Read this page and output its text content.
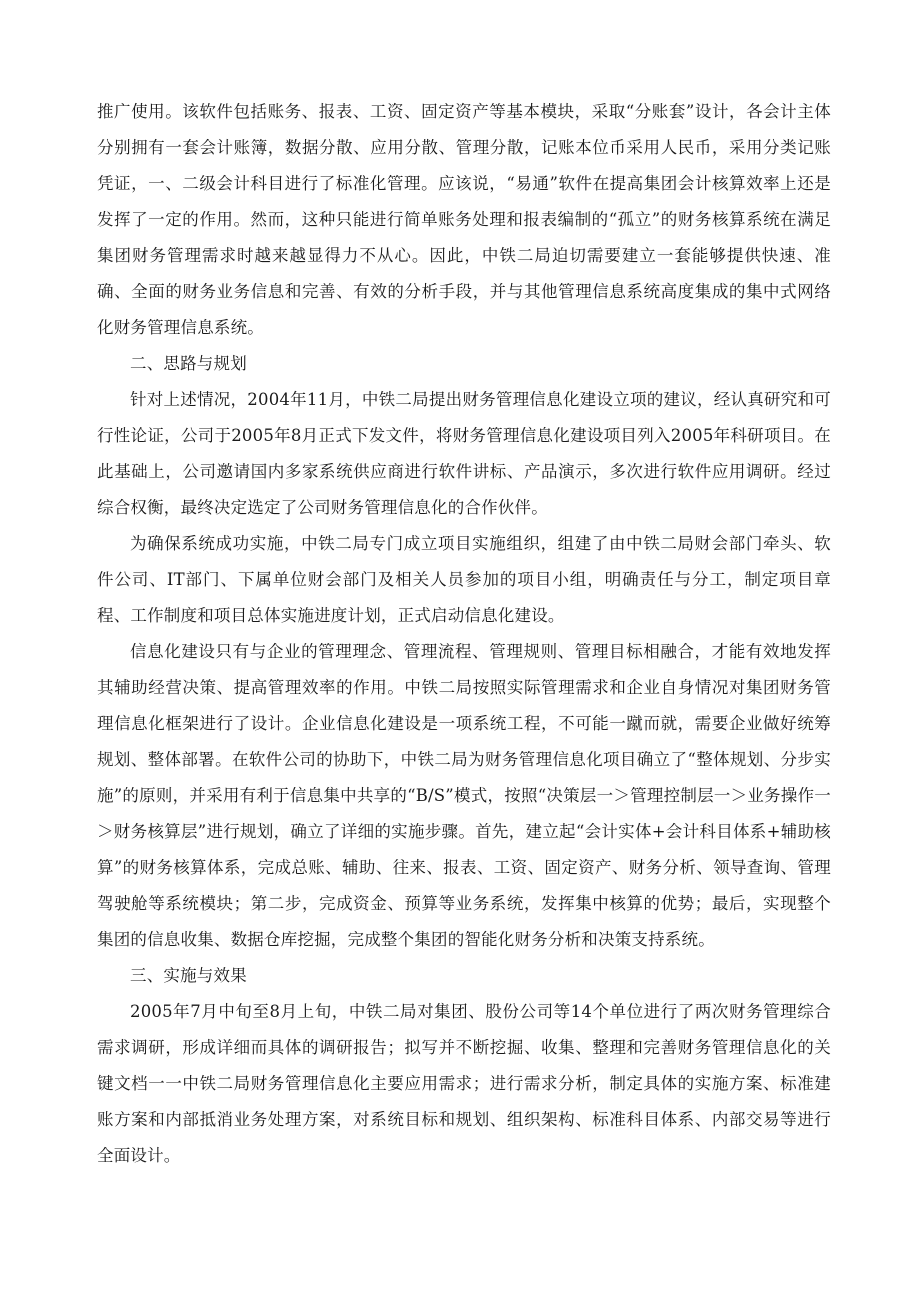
推广使用。该软件包括账务、报表、工资、固定资产等基本模块，采取“分账套”设计，各会计主体分别拥有一套会计账簿，数据分散、应用分散、管理分散，记账本位币采用人民币，采用分类记账凭证，一、二级会计科目进行了标准化管理。应该说，“易通”软件在提高集团会计核算效率上还是发挥了一定的作用。然而，这种只能进行简单账务处理和报表编制的“孤立”的财务核算系统在满足集团财务管理需求时越来越显得力不从心。因此，中铁二局迫切需要建立一套能够提供快速、准确、全面的财务业务信息和完善、有效的分析手段，并与其他管理信息系统高度集成的集中式网络化财务管理信息系统。

二、思路与规划

针对上述情况，2004年11月，中铁二局提出财务管理信息化建设立项的建议，经认真研究和可行性论证，公司于2005年8月正式下发文件，将财务管理信息化建设项目列入2005年科研项目。在此基础上，公司邀请国内多家系统供应商进行软件讲标、产品演示，多次进行软件应用调研。经过综合权衡，最终决定选定了公司财务管理信息化的合作伙伴。

为确保系统成功实施，中铁二局专门成立项目实施组织，组建了由中铁二局财会部门牵头、软件公司、IT部门、下属单位财会部门及相关人员参加的项目小组，明确责任与分工，制定项目章程、工作制度和项目总体实施进度计划，正式启动信息化建设。

信息化建设只有与企业的管理理念、管理流程、管理规则、管理目标相融合，才能有效地发挥其辅助经营决策、提高管理效率的作用。中铁二局按照实际管理需求和企业自身情况对集团财务管理信息化框架进行了设计。企业信息化建设是一项系统工程，不可能一蹴而就，需要企业做好统筹规划、整体部署。在软件公司的协助下，中铁二局为财务管理信息化项目确立了“整体规划、分步实施”的原则，并采用有利于信息集中共享的“B/S”模式，按照“决策层一＞管理控制层一＞业务操作一＞财务核算层”进行规划，确立了详细的实施步骤。首先，建立起“会计实体+会计科目体系+辅助核算”的财务核算体系，完成总账、辅助、往来、报表、工资、固定资产、财务分析、领导查询、管理驾驶舱等系统模块；第二步，完成资金、预算等业务系统，发挥集中核算的优势；最后，实现整个集团的信息收集、数据仓库挖掘，完成整个集团的智能化财务分析和决策支持系统。

三、实施与效果

2005年7月中旬至8月上旬，中铁二局对集团、股份公司等14个单位进行了两次财务管理综合需求调研，形成详细而具体的调研报告；拟写并不断挖掘、收集、整理和完善财务管理信息化的关键文档一一中铁二局财务管理信息化主要应用需求；进行需求分析，制定具体的实施方案、标准建账方案和内部抵消业务处理方案，对系统目标和规划、组织架构、标准科目体系、内部交易等进行全面设计。
